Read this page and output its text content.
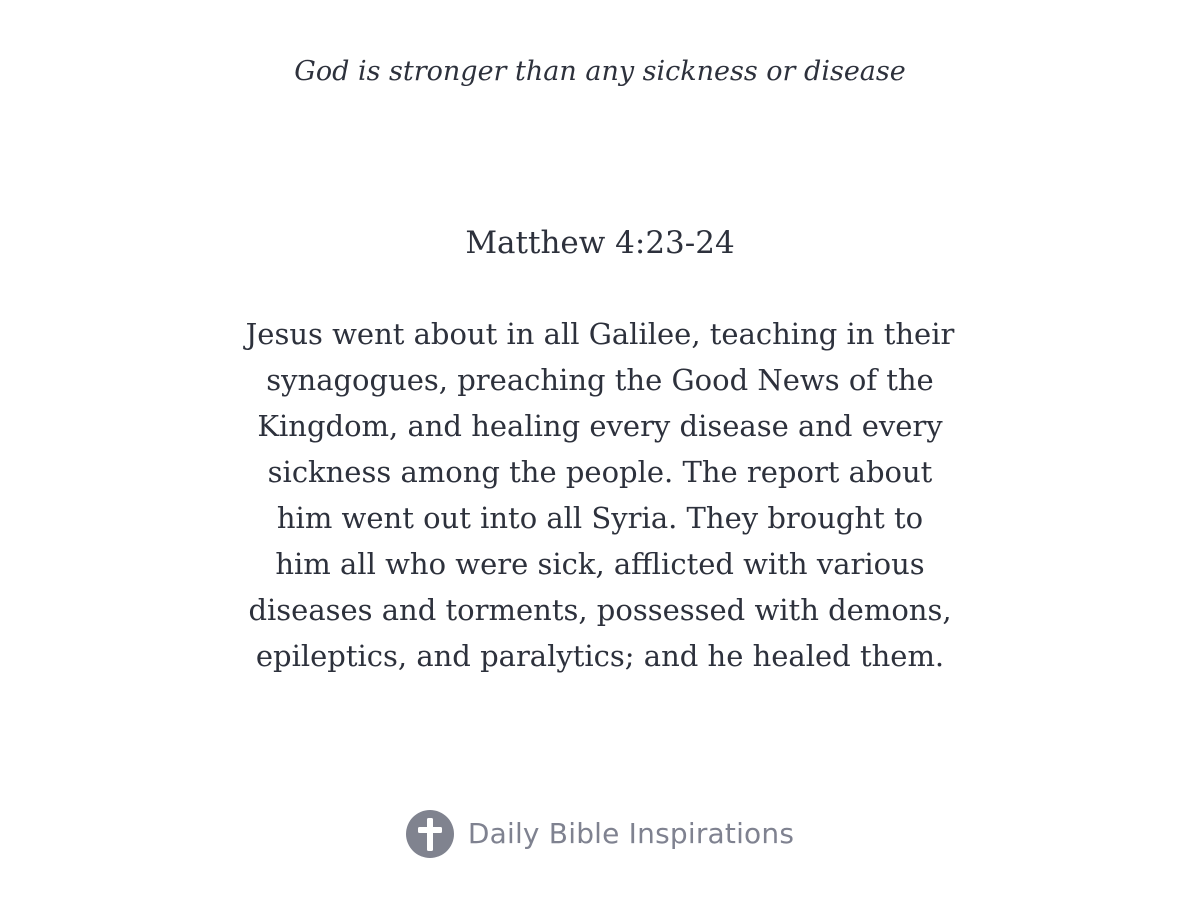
God is stronger than any sickness or disease
Matthew 4:23-24
Jesus went about in all Galilee, teaching in their
synagogues, preaching the Good News of the
Kingdom, and healing every disease and every
sickness among the people. The report about
him went out into all Syria. They brought to
him all who were sick, afflicted with various
diseases and torments, possessed with demons,
epileptics, and paralytics; and he healed them.
Daily Bible Inspirations
